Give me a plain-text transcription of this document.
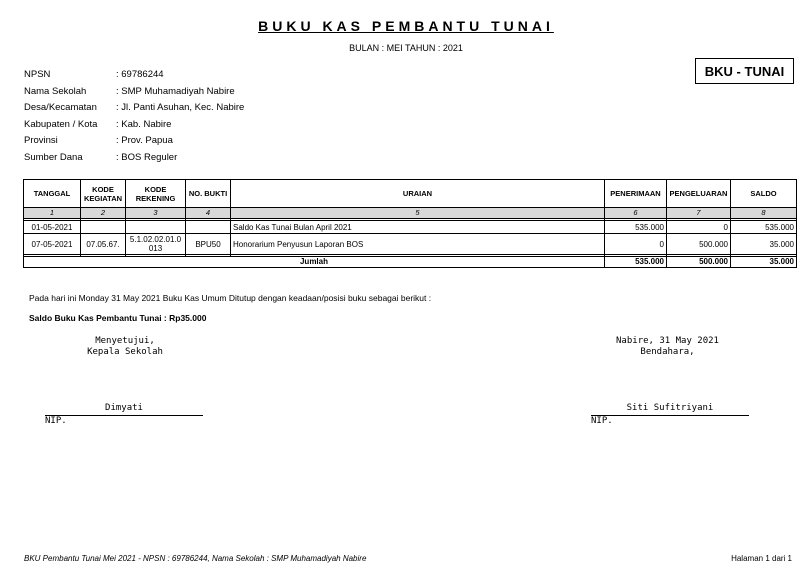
BUKU KAS PEMBANTU TUNAI
BULAN : MEI TAHUN : 2021
BKU - TUNAI
NPSN	: 69786244
Nama Sekolah	: SMP Muhamadiyah Nabire
Desa/Kecamatan	: Jl. Panti Asuhan, Kec. Nabire
Kabupaten / Kota	: Kab. Nabire
Provinsi	: Prov. Papua
Sumber Dana	: BOS Reguler
TANGGAL	KODE KEGIATAN	KODE REKENING	NO. BUKTI	URAIAN	PENERIMAAN	PENGELUARAN	SALDO
1	2	3	4	5	6	7	8

01-05-2021				Saldo Kas Tunai Bulan April 2021	535.000	0	535.000
07-05-2021	07.05.67.	5.1.02.02.01.0013	BPU50	Honorarium Penyusun Laporan BOS	0	500.000	35.000

Jumlah					535.000	500.000	35.000
Pada hari ini Monday 31 May 2021 Buku Kas Umum Ditutup dengan keadaan/posisi buku sebagai berikut :
Saldo Buku Kas Pembantu Tunai : Rp35.000
Menyetujui,
Kepala Sekolah
Dimyati
NIP.
Nabire, 31 May 2021
Bendahara,
Siti Sufitriyani
NIP.
BKU Pembantu Tunai Mei 2021 - NPSN : 69786244, Nama Sekolah : SMP Muhamadiyah Nabire	Halaman 1 dari 1
